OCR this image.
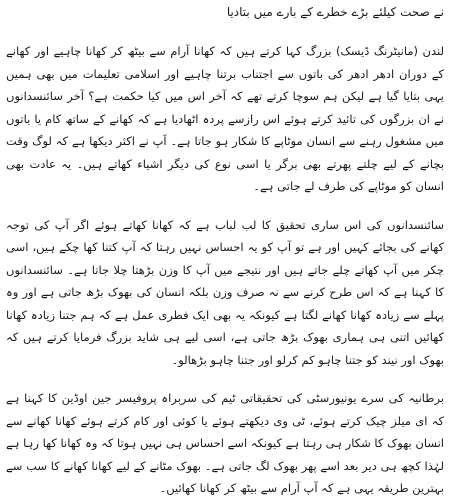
نے صحت کیلئے بڑے خطرے کے بارے میں بتادیا

لندن (مانیٹرنگ ڈیسک) بزرگ کہا کرتے ہیں کہ کھانا آرام سے بیٹھ کر کھانا چاہیے اور کھانے کے دوران ادھر ادھر کی باتوں سے اجتناب برتنا چاہیے اور اسلامی تعلیمات میں بھی ہمیں یہی بتایا گیا ہے لیکن ہم سوچا کرتے تھے کہ آخر اس میں کیا حکمت ہے؟ آخر سائنسدانوں نے ان بزرگوں کی تائید کرتے ہوئے اس رازسے پردہ اٹھادیا ہے کہ کھانے کے ساتھ کام یا باتوں میں مشغول رہنے سے انسان موٹاپے کا شکار ہو جاتا ہے۔ آپ نے اکثر دیکھا ہے کہ لوگ وقت بچانے کے لیے چلتے پھرتے بھی برگر یا اسی نوع کی دیگر اشیاء کھاتے ہیں۔ یہ عادت بھی انسان کو موٹاپے کی طرف لے جاتی ہے۔

سائنسدانوں کی اس ساری تحقیق کا لب لباب ہے کہ کھانا کھاتے ہوئے اگر آپ کی توجہ کھانے کی بجائے کہیں اور ہے تو آپ کو یہ احساس نہیں رہتا کہ آپ کتنا کھا چکے ہیں، اسی چکر میں آپ کھاتے چلے جاتے ہیں اور نتیجے میں آپ کا وزن بڑھتا چلا جاتا ہے۔ سائنسدانوں کا کہنا ہے کہ اس طرح کرنے سے نہ صرف وزن بلکہ انسان کی بھوک بڑھ جاتی ہے اور وہ پہلے سے زیادہ کھانا کھانے لگتا ہے کیونکہ یہ بھی ایک فطری عمل ہے کہ ہم جتنا زیادہ کھانا کھائیں اتنی ہی ہماری بھوک بڑھ جاتی ہے، اسی لیے ہی شاید بزرگ فرمایا کرتے ہیں کہ بھوک اور نیند کو جتنا چاہو کم کرلو اور جتنا چاہو بڑھالو۔

برطانیہ کی سرے یونیورسٹی کی تحقیقاتی ٹیم کی سربراہ پروفیسر جین اوڈین کا کہنا ہے کہ ای میلز چیک کرتے ہوئے، ٹی وی دیکھتے ہوئے یا کوئی اور کام کرتے ہوئے کھانا کھانے سے انسان بھوک کا شکار ہی رہتا ہے کیونکہ اسے احساس ہی نہیں ہوتا کہ وہ کھانا کھا رہا ہے لہٰذا کچھ ہی دیر بعد اسے پھر بھوک لگ جاتی ہے۔ بھوک مٹانے کے لیے کھانا کھانے کا سب سے بہترین طریقہ یہی ہے کہ آپ آرام سے بیٹھ کر کھانا کھائیں۔
